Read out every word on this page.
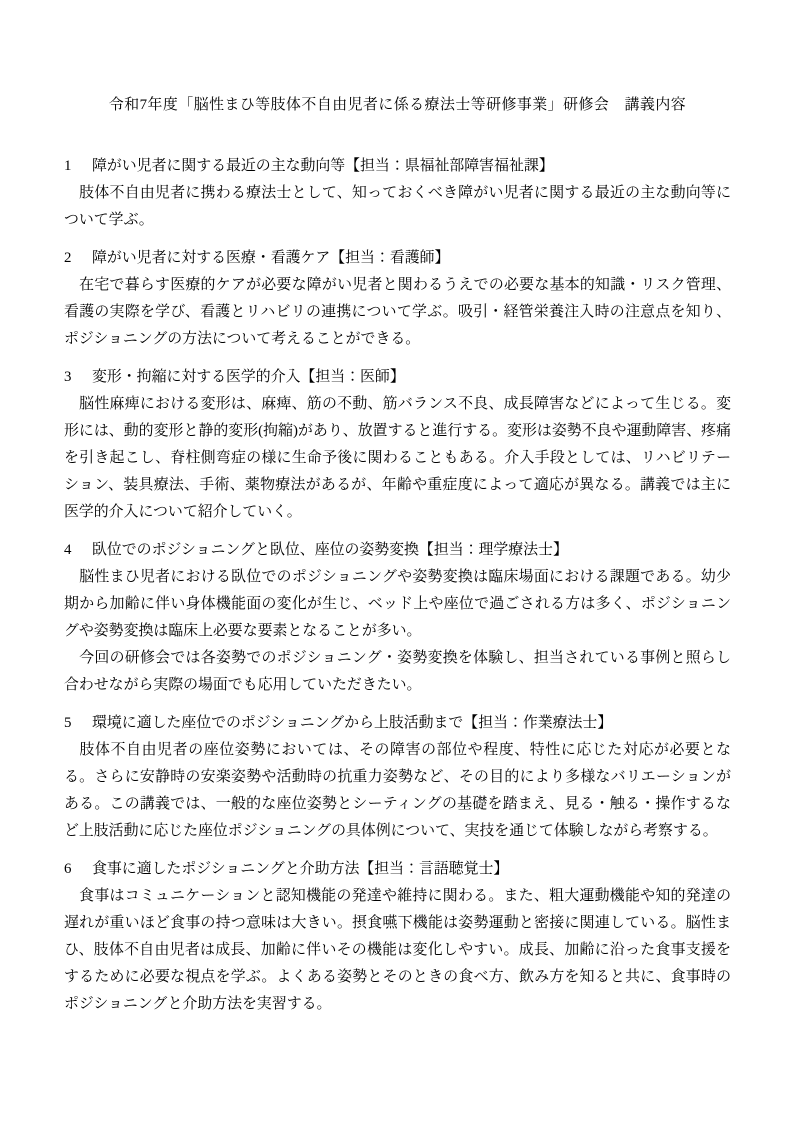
令和7年度「脳性まひ等肢体不自由児者に係る療法士等研修事業」研修会　講義内容
1 障がい児者に関する最近の主な動向等【担当：県福祉部障害福祉課】

　肢体不自由児者に携わる療法士として、知っておくべき障がい児者に関する最近の主な動向等について学ぶ。

2 障がい児者に対する医療・看護ケア【担当：看護師】

　在宅で暮らす医療的ケアが必要な障がい児者と関わるうえでの必要な基本的知識・リスク管理、看護の実際を学び、看護とリハビリの連携について学ぶ。吸引・経管栄養注入時の注意点を知り、ポジショニングの方法について考えることができる。

3 変形・拘縮に対する医学的介入【担当：医師】

　脳性麻痺における変形は、麻痺、筋の不動、筋バランス不良、成長障害などによって生じる。変形には、動的変形と静的変形(拘縮)があり、放置すると進行する。変形は姿勢不良や運動障害、疼痛を引き起こし、脊柱側弯症の様に生命予後に関わることもある。介入手段としては、リハビリテーション、装具療法、手術、薬物療法があるが、年齢や重症度によって適応が異なる。講義では主に医学的介入について紹介していく。

4 臥位でのポジショニングと臥位、座位の姿勢変換【担当：理学療法士】

　脳性まひ児者における臥位でのポジショニングや姿勢変換は臨床場面における課題である。幼少期から加齢に伴い身体機能面の変化が生じ、ベッド上や座位で過ごされる方は多く、ポジショニングや姿勢変換は臨床上必要な要素となることが多い。

　今回の研修会では各姿勢でのポジショニング・姿勢変換を体験し、担当されている事例と照らし合わせながら実際の場面でも応用していただきたい。

5 環境に適した座位でのポジショニングから上肢活動まで【担当：作業療法士】

　肢体不自由児者の座位姿勢においては、その障害の部位や程度、特性に応じた対応が必要となる。さらに安静時の安楽姿勢や活動時の抗重力姿勢など、その目的により多様なバリエーションがある。この講義では、一般的な座位姿勢とシーティングの基礎を踏まえ、見る・触る・操作するなど上肢活動に応じた座位ポジショニングの具体例について、実技を通じて体験しながら考察する。

6 食事に適したポジショニングと介助方法【担当：言語聴覚士】

　食事はコミュニケーションと認知機能の発達や維持に関わる。また、粗大運動機能や知的発達の遅れが重いほど食事の持つ意味は大きい。摂食嚥下機能は姿勢運動と密接に関連している。脳性まひ、肢体不自由児者は成長、加齢に伴いその機能は変化しやすい。成長、加齢に沿った食事支援をするために必要な視点を学ぶ。よくある姿勢とそのときの食べ方、飲み方を知ると共に、食事時のポジショニングと介助方法を実習する。
